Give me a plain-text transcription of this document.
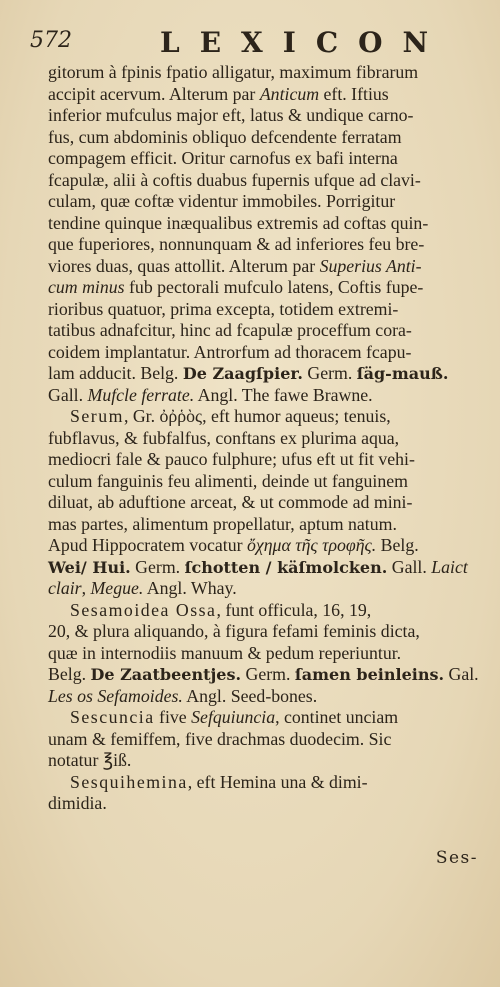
572	LEXICON
gitorum à fpinis fpatio alligatur, maximum fibrarum
accipit acervum. Alterum par Anticum eft. Iftius
inferior mufculus major eft, latus & undique carno-
fus, cum abdominis obliquo defcendente ferratam
compagem efficit. Oritur carnofus ex bafi interna
fcapulæ, alii à coftis duabus fupernis ufque ad clavi-
culam, quæ coftæ videntur immobiles. Porrigitur
tendine quinque inæqualibus extremis ad coftas quin-
que fuperiores, nonnunquam & ad inferiores feu bre-
viores duas, quas attollit. Alterum par Superius Anti-
cum minus fub pectorali mufculo latens, Coftis fupe-
rioribus quatuor, prima excepta, totidem extremi-
tatibus adnafcitur, hinc ad fcapulæ proceffum cora-
coidem implantatur. Antrorfum ad thoracem fcapu-
lam adducit. Belg. De Zaagſpier. Germ. ſäg-mauß.
Gall. Mufcle ferrate. Angl. The fawe Brawne.
Serum, Gr. ὀῤῥὸς, eft humor aqueus; tenuis,
fubflavus, & fubfalfus, conftans ex plurima aqua,
mediocri fale & pauco fulphure; ufus eft ut fit vehi-
culum fanguinis feu alimenti, deinde ut fanguinem
diluat, ab aduftione arceat, & ut commode ad mini-
mas partes, alimentum propellatur, aptum natum.
Apud Hippocratem vocatur ὄχημα τῆς τροφῆς. Belg.
Wei/ Hui. Germ. ſchotten / käſmolcken. Gall. Laict
clair, Megue. Angl. Whay.
Sesamoidea Ossa, funt officula, 16, 19,
20, & plura aliquando, à figura fefami feminis dicta,
quæ in internodiis manuum & pedum reperiuntur.
Belg. De Zaatbeentjes. Germ. ſamen beinleins. Gal.
Les os Sefamoides. Angl. Seed-bones.
Sescuncia five Sefquiuncia, continet unciam
unam & femiffem, five drachmas duodecim. Sic
notatur ℥iß.
Sesquihemina, eft Hemina una & dimi-
dimidia.
Ses-
